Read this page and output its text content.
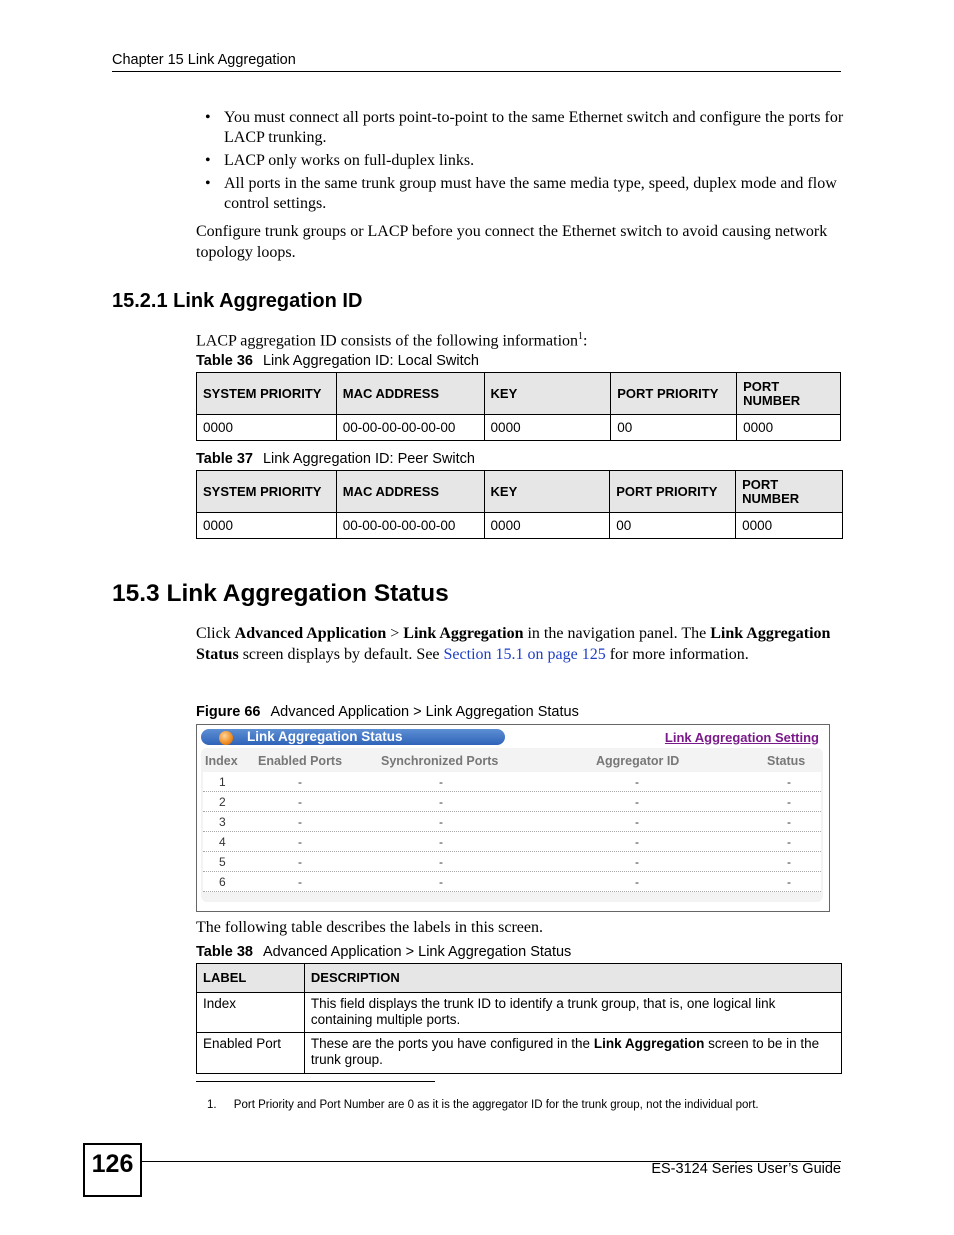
Chapter 15 Link Aggregation
• You must connect all ports point-to-point to the same Ethernet switch and configure the ports for LACP trunking.
• LACP only works on full-duplex links.
• All ports in the same trunk group must have the same media type, speed, duplex mode and flow control settings.
Configure trunk groups or LACP before you connect the Ethernet switch to avoid causing network topology loops.
15.2.1 Link Aggregation ID
LACP aggregation ID consists of the following information$^1$:
Table 36 Link Aggregation ID: Local Switch
SYSTEM PRIORITY	MAC ADDRESS	KEY	PORT PRIORITY	PORT NUMBER
0000	00-00-00-00-00-00	0000	00	0000
Table 37 Link Aggregation ID: Peer Switch
SYSTEM PRIORITY	MAC ADDRESS	KEY	PORT PRIORITY	PORT NUMBER
0000	00-00-00-00-00-00	0000	00	0000
15.3 Link Aggregation Status
Click Advanced Application > Link Aggregation in the navigation panel. The Link Aggregation Status screen displays by default. See Section 15.1 on page 125 for more information.
Figure 66 Advanced Application > Link Aggregation Status
Link Aggregation Status	Link Aggregation Setting
Index Enabled Ports	Synchronized Ports	Aggregator ID	Status
1	-	-	-	-
2	-	-	-	-
3	-	-	-	-
4	-	-	-	-
5	-	-	-	-
6	-	-	-	-
The following table describes the labels in this screen.
Table 38 Advanced Application > Link Aggregation Status
LABEL	DESCRIPTION
Index	This field displays the trunk ID to identify a trunk group, that is, one logical link containing multiple ports.
Enabled Port	These are the ports you have configured in the Link Aggregation screen to be in the trunk group.
1. Port Priority and Port Number are 0 as it is the aggregator ID for the trunk group, not the individual port.
126	ES-3124 Series User’s Guide
